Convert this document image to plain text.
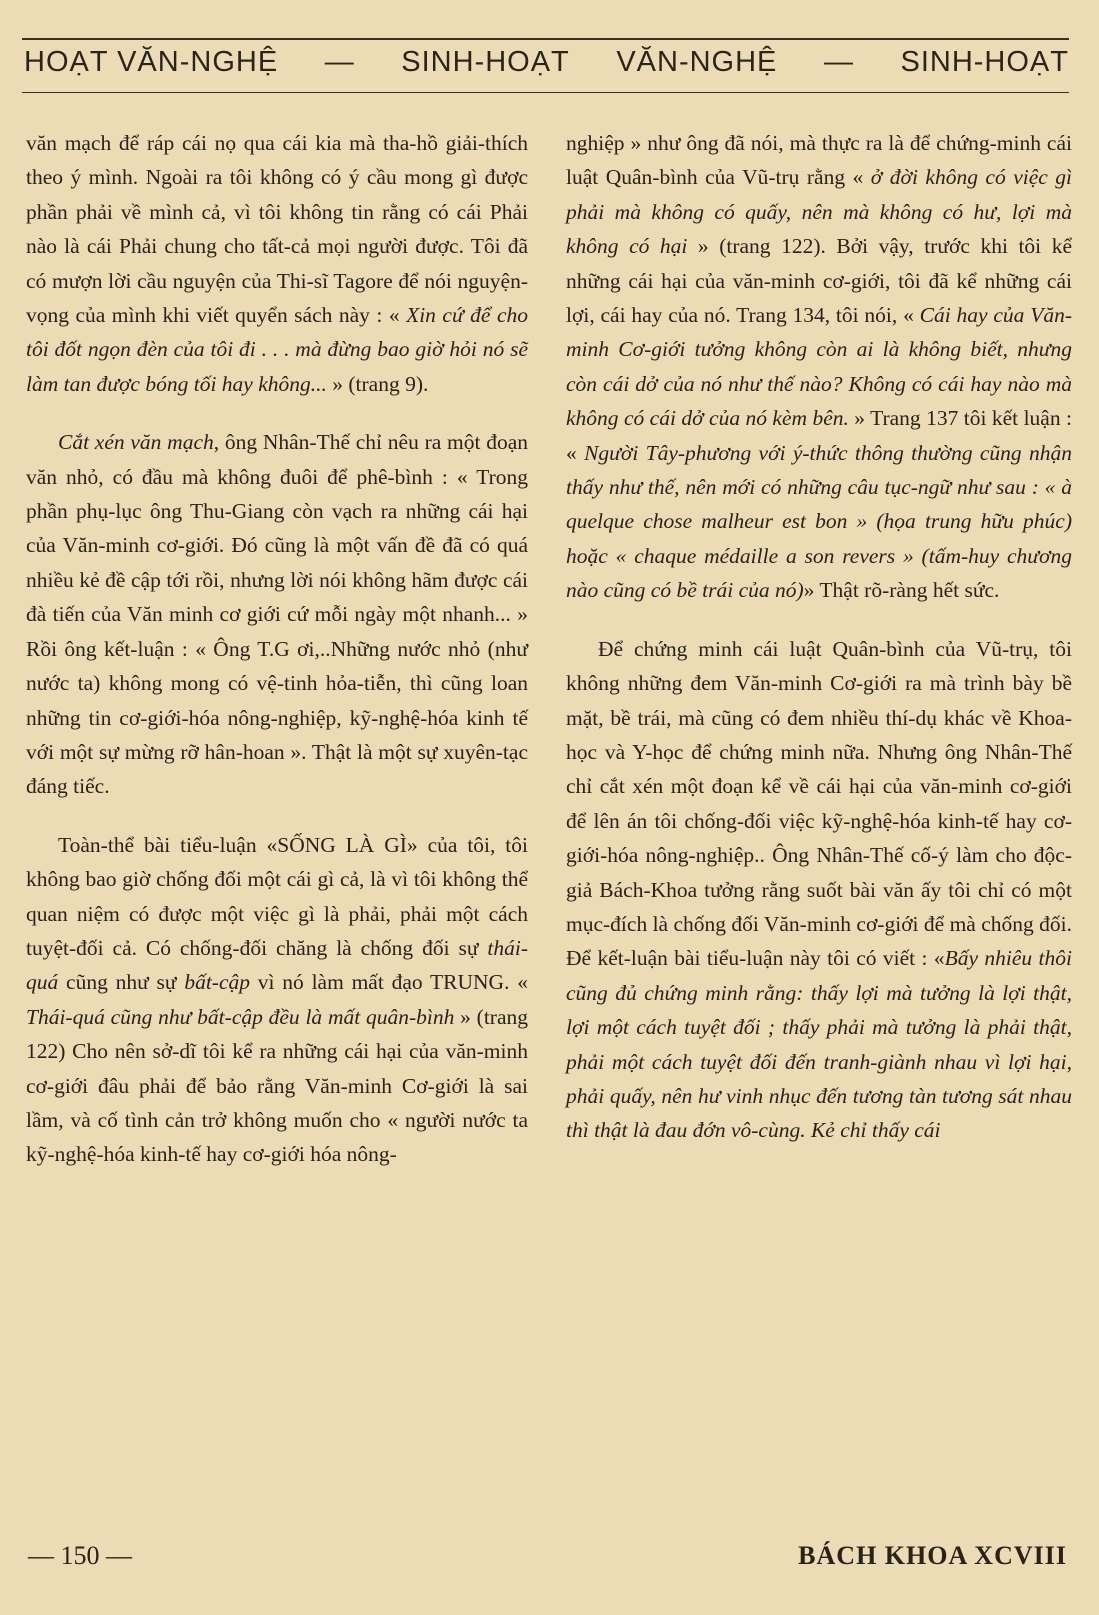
HOẠT VĂN-NGHỆ — SINH-HOẠT VĂN-NGHỆ — SINH-HOẠT

văn mạch để ráp cái nọ qua cái kia mà tha-hồ giải-thích theo ý mình. Ngoài ra tôi không có ý cầu mong gì được phần phải về mình cả, vì tôi không tin rằng có cái Phải nào là cái Phải chung cho tất-cả mọi người được. Tôi đã có mượn lời cầu nguyện của Thi-sĩ Tagore để nói nguyện-vọng của mình khi viết quyển sách này : « Xin cứ để cho tôi đốt ngọn đèn của tôi đi . . . mà đừng bao giờ hỏi nó sẽ làm tan được bóng tối hay không... » (trang 9).

Cắt xén văn mạch, ông Nhân-Thế chỉ nêu ra một đoạn văn nhỏ, có đầu mà không đuôi để phê-bình : « Trong phần phụ-lục ông Thu-Giang còn vạch ra những cái hại của Văn-minh cơ-giới. Đó cũng là một vấn đề đã có quá nhiều kẻ đề cập tới rồi, nhưng lời nói không hãm được cái đà tiến của Văn minh cơ giới cứ mỗi ngày một nhanh... » Rồi ông kết-luận : « Ông T.G ơi,..Những nước nhỏ (như nước ta) không mong có vệ-tinh hỏa-tiễn, thì cũng loan những tin cơ-giới-hóa nông-nghiệp, kỹ-nghệ-hóa kinh tế với một sự mừng rỡ hân-hoan ». Thật là một sự xuyên-tạc đáng tiếc.

Toàn-thể bài tiểu-luận «SỐNG LÀ GÌ» của tôi, tôi không bao giờ chống đối một cái gì cả, là vì tôi không thể quan niệm có được một việc gì là phải, phải một cách tuyệt-đối cả. Có chống-đối chăng là chống đối sự thái-quá cũng như sự bất-cập vì nó làm mất đạo TRUNG. « Thái-quá cũng như bất-cập đều là mất quân-bình » (trang 122) Cho nên sở-dĩ tôi kể ra những cái hại của văn-minh cơ-giới đâu phải để bảo rằng Văn-minh Cơ-giới là sai lầm, và cố tình cản trở không muốn cho « người nước ta kỹ-nghệ-hóa kinh-tế hay cơ-giới hóa nông-

nghiệp » như ông đã nói, mà thực ra là để chứng-minh cái luật Quân-bình của Vũ-trụ rằng « ở đời không có việc gì phải mà không có quấy, nên mà không có hư, lợi mà không có hại » (trang 122). Bởi vậy, trước khi tôi kể những cái hại của văn-minh cơ-giới, tôi đã kể những cái lợi, cái hay của nó. Trang 134, tôi nói, « Cái hay của Văn-minh Cơ-giới tưởng không còn ai là không biết, nhưng còn cái dở của nó như thế nào? Không có cái hay nào mà không có cái dở của nó kèm bên. » Trang 137 tôi kết luận : « Người Tây-phương với ý-thức thông thường cũng nhận thấy như thế, nên mới có những câu tục-ngữ như sau : « à quelque chose malheur est bon » (họa trung hữu phúc) hoặc « chaque médaille a son revers » (tấm-huy chương nào cũng có bề trái của nó)» Thật rõ-ràng hết sức.

Để chứng minh cái luật Quân-bình của Vũ-trụ, tôi không những đem Văn-minh Cơ-giới ra mà trình bày bề mặt, bề trái, mà cũng có đem nhiều thí-dụ khác về Khoa-học và Y-học để chứng minh nữa. Nhưng ông Nhân-Thế chỉ cắt xén một đoạn kể về cái hại của văn-minh cơ-giới để lên án tôi chống-đối việc kỹ-nghệ-hóa kinh-tế hay cơ-giới-hóa nông-nghiệp.. Ông Nhân-Thế cố-ý làm cho độc-giả Bách-Khoa tưởng rằng suốt bài văn ấy tôi chỉ có một mục-đích là chống đối Văn-minh cơ-giới để mà chống đối. Để kết-luận bài tiểu-luận này tôi có viết : «Bấy nhiêu thôi cũng đủ chứng minh rằng: thấy lợi mà tưởng là lợi thật, lợi một cách tuyệt đối ; thấy phải mà tưởng là phải thật, phải một cách tuyệt đối đến tranh-giành nhau vì lợi hại, phải quấy, nên hư vinh nhục đến tương tàn tương sát nhau thì thật là đau đớn vô-cùng. Kẻ chỉ thấy cái

— 150 —	BÁCH KHOA XCVIII
